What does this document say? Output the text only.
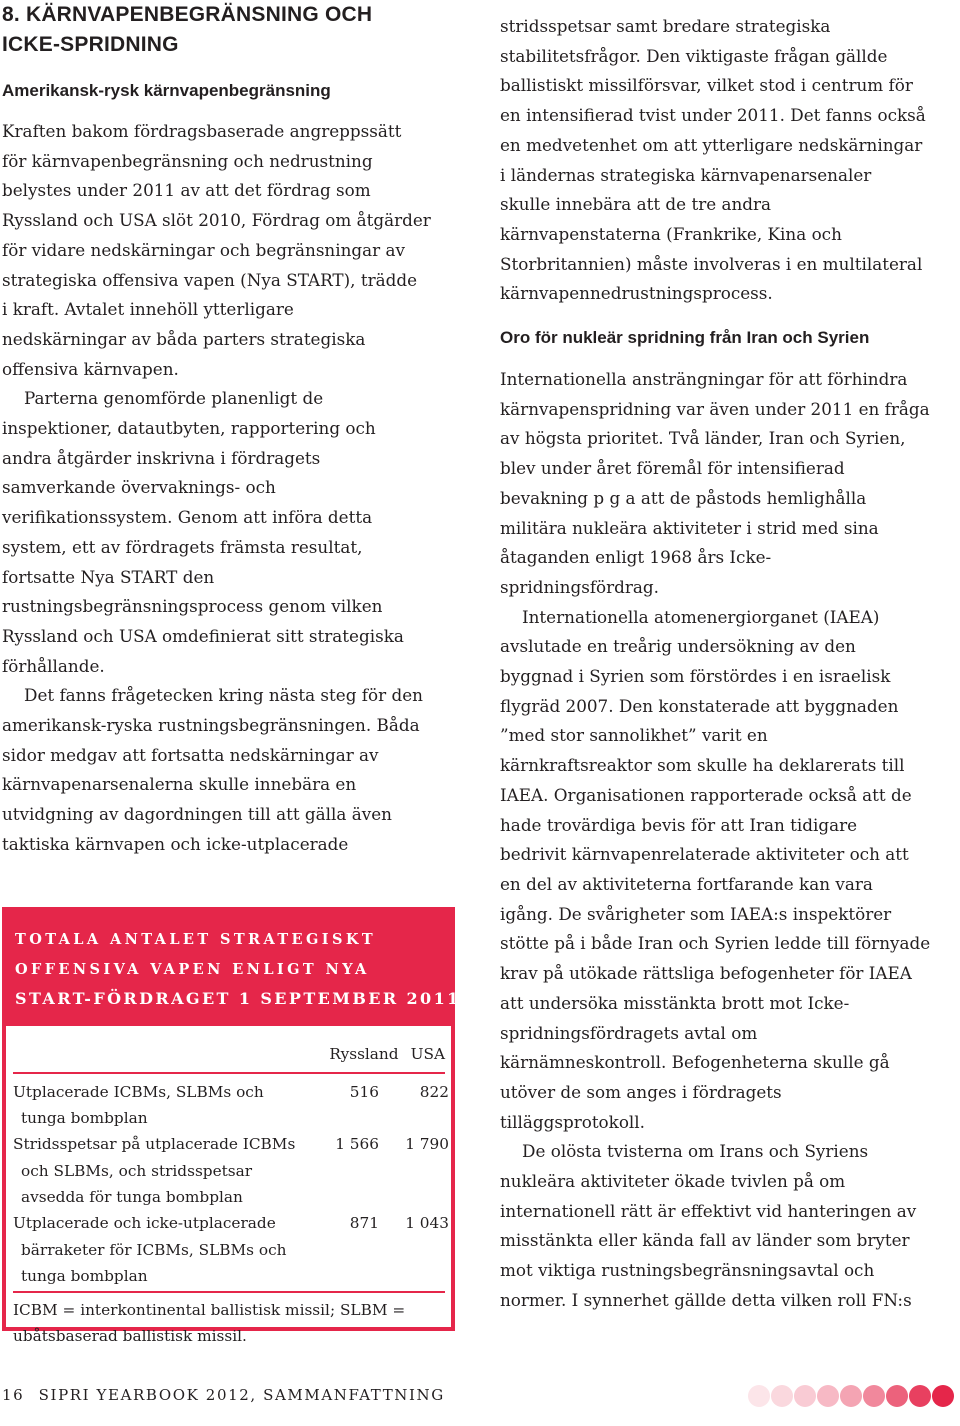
8. KÄRNVAPENBEGRÄNSNING OCH
ICKE-SPRIDNING
Amerikansk-rysk kärnvapenbegränsning
Kraften bakom fördragsbaserade angreppssätt
för kärnvapenbegränsning och nedrustning
belystes under 2011 av att det fördrag som
Ryssland och USA slöt 2010, Fördrag om åtgärder
för vidare nedskärningar och begränsningar av
strategiska offensiva vapen (Nya START), trädde
i kraft. Avtalet innehöll ytterligare
nedskärningar av båda parters strategiska
offensiva kärnvapen.
Parterna genomförde planenligt de
inspektioner, datautbyten, rapportering och
andra åtgärder inskrivna i fördragets
samverkande övervaknings- och
verifikationssystem. Genom att införa detta
system, ett av fördragets främsta resultat,
fortsatte Nya START den
rustningsbegränsningsprocess genom vilken
Ryssland och USA omdefinierat sitt strategiska
förhållande.
Det fanns frågetecken kring nästa steg för den
amerikansk-ryska rustningsbegränsningen. Båda
sidor medgav att fortsatta nedskärningar av
kärnvapenarsenalerna skulle innebära en
utvidgning av dagordningen till att gälla även
taktiska kärnvapen och icke-utplacerade
TOTALA ANTALET STRATEGISKT
OFFENSIVA VAPEN ENLIGT NYA
START-FÖRDRAGET 1 SEPTEMBER 2011
Ryssland USA
Utplacerade ICBMs, SLBMs och
tunga bombplan
516	822
Stridsspetsar på utplacerade ICBMs
och SLBMs, och stridsspetsar
avsedda för tunga bombplan
1 566	1 790
Utplacerade och icke-utplacerade
bärraketer för ICBMs, SLBMs och
tunga bombplan
871	1 043
ICBM = interkontinental ballistisk missil; SLBM =
ubåtsbaserad ballistisk missil.
stridsspetsar samt bredare strategiska
stabilitetsfrågor. Den viktigaste frågan gällde
ballistiskt missilförsvar, vilket stod i centrum för
en intensifierad tvist under 2011. Det fanns också
en medvetenhet om att ytterligare nedskärningar
i ländernas strategiska kärnvapenarsenaler
skulle innebära att de tre andra
kärnvapenstaterna (Frankrike, Kina och
Storbritannien) måste involveras i en multilateral
kärnvapennedrustningsprocess.
Oro för nukleär spridning från Iran och Syrien
Internationella ansträngningar för att förhindra
kärnvapenspridning var även under 2011 en fråga
av högsta prioritet. Två länder, Iran och Syrien,
blev under året föremål för intensifierad
bevakning p g a att de påstods hemlighålla
militära nukleära aktiviteter i strid med sina
åtaganden enligt 1968 års Icke-
spridningsfördrag.
Internationella atomenergiorganet (IAEA)
avslutade en treårig undersökning av den
byggnad i Syrien som förstördes i en israelisk
flygräd 2007. Den konstaterade att byggnaden
”med stor sannolikhet” varit en
kärnkraftsreaktor som skulle ha deklarerats till
IAEA. Organisationen rapporterade också att de
hade trovärdiga bevis för att Iran tidigare
bedrivit kärnvapenrelaterade aktiviteter och att
en del av aktiviteterna fortfarande kan vara
igång. De svårigheter som IAEA:s inspektörer
stötte på i både Iran och Syrien ledde till förnyade
krav på utökade rättsliga befogenheter för IAEA
att undersöka misstänkta brott mot Icke-
spridningsfördragets avtal om
kärnämneskontroll. Befogenheterna skulle gå
utöver de som anges i fördragets
tilläggsprotokoll.
De olösta tvisterna om Irans och Syriens
nukleära aktiviteter ökade tvivlen på om
internationell rätt är effektivt vid hanteringen av
misstänkta eller kända fall av länder som bryter
mot viktiga rustningsbegränsningsavtal och
normer. I synnerhet gällde detta vilken roll FN:s
16 SIPRI YEARBOOK 2012, SAMMANFATTNING
